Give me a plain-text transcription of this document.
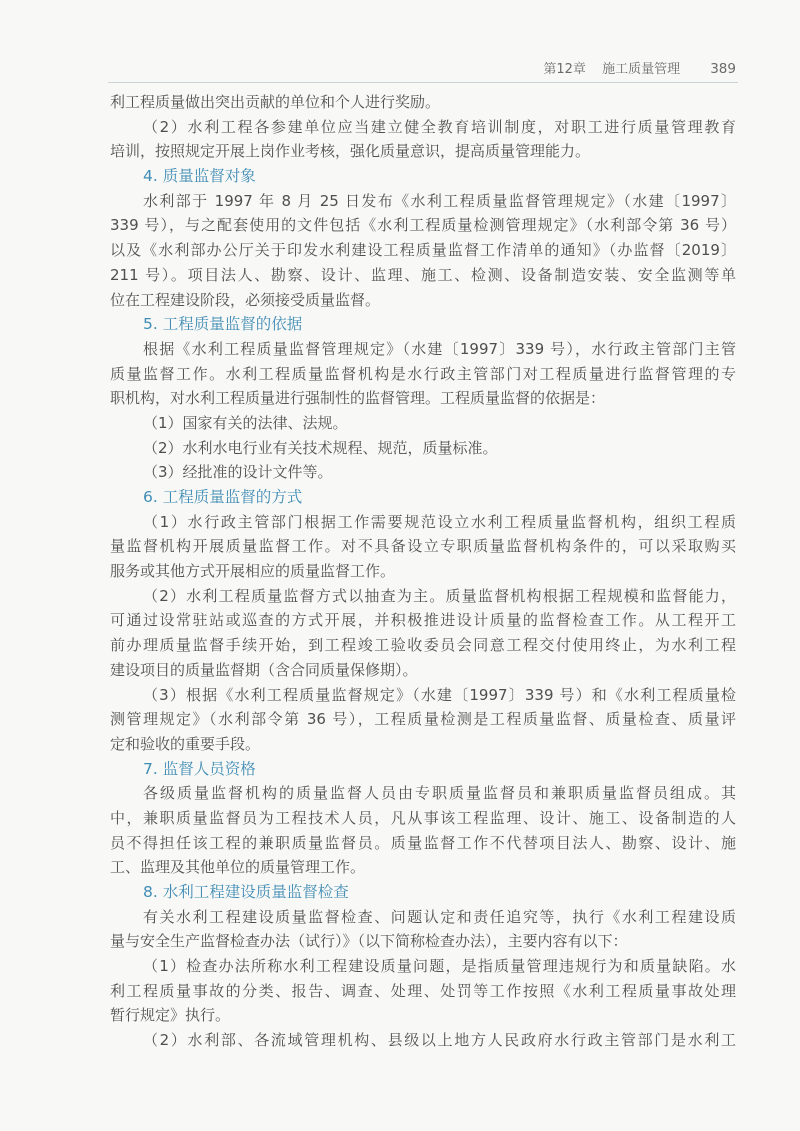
第12章 施工质量管理 389
利工程质量做出突出贡献的单位和个人进行奖励。
（2）水利工程各参建单位应当建立健全教育培训制度，对职工进行质量管理教育
培训，按照规定开展上岗作业考核，强化质量意识，提高质量管理能力。
4. 质量监督对象
水利部于 1997 年 8 月 25 日发布《水利工程质量监督管理规定》（水建〔1997〕
339 号），与之配套使用的文件包括《水利工程质量检测管理规定》（水利部令第 36 号）
以及《水利部办公厅关于印发水利建设工程质量监督工作清单的通知》（办监督〔2019〕
211 号）。项目法人、勘察、设计、监理、施工、检测、设备制造安装、安全监测等单
位在工程建设阶段，必须接受质量监督。
5. 工程质量监督的依据
根据《水利工程质量监督管理规定》（水建〔1997〕339 号），水行政主管部门主管
质量监督工作。水利工程质量监督机构是水行政主管部门对工程质量进行监督管理的专
职机构，对水利工程质量进行强制性的监督管理。工程质量监督的依据是：
（1）国家有关的法律、法规。
（2）水利水电行业有关技术规程、规范，质量标准。
（3）经批准的设计文件等。
6. 工程质量监督的方式
（1）水行政主管部门根据工作需要规范设立水利工程质量监督机构，组织工程质
量监督机构开展质量监督工作。对不具备设立专职质量监督机构条件的，可以采取购买
服务或其他方式开展相应的质量监督工作。
（2）水利工程质量监督方式以抽查为主。质量监督机构根据工程规模和监督能力，
可通过设常驻站或巡查的方式开展，并积极推进设计质量的监督检查工作。从工程开工
前办理质量监督手续开始，到工程竣工验收委员会同意工程交付使用终止，为水利工程
建设项目的质量监督期（含合同质量保修期）。
（3）根据《水利工程质量监督规定》（水建〔1997〕339 号）和《水利工程质量检
测管理规定》（水利部令第 36 号），工程质量检测是工程质量监督、质量检查、质量评
定和验收的重要手段。
7. 监督人员资格
各级质量监督机构的质量监督人员由专职质量监督员和兼职质量监督员组成。其
中，兼职质量监督员为工程技术人员，凡从事该工程监理、设计、施工、设备制造的人
员不得担任该工程的兼职质量监督员。质量监督工作不代替项目法人、勘察、设计、施
工、监理及其他单位的质量管理工作。
8. 水利工程建设质量监督检查
有关水利工程建设质量监督检查、问题认定和责任追究等，执行《水利工程建设质
量与安全生产监督检查办法（试行）》（以下简称检查办法），主要内容有以下：
（1）检查办法所称水利工程建设质量问题，是指质量管理违规行为和质量缺陷。水
利工程质量事故的分类、报告、调查、处理、处罚等工作按照《水利工程质量事故处理
暂行规定》执行。
（2）水利部、各流域管理机构、县级以上地方人民政府水行政主管部门是水利工
